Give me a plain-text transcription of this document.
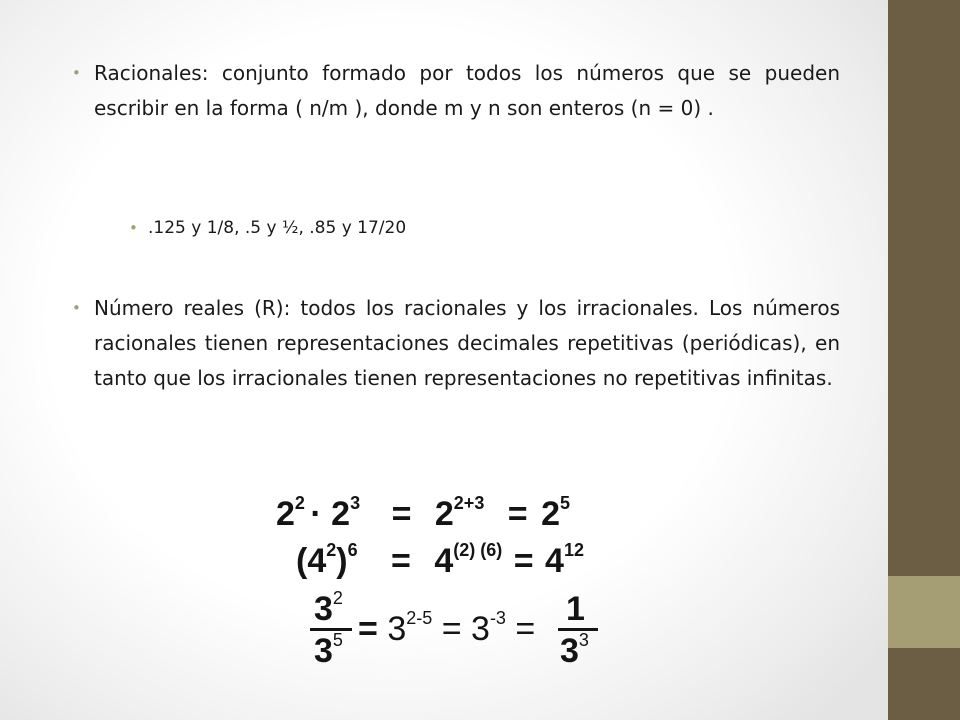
• Racionales: conjunto formado por todos los números que se pueden escribir en la forma ( n/m ), donde m y n son enteros (n = 0) .
• .125 y 1/8, .5 y ½, .85 y 17/20
• Número reales (R): todos los racionales y los irracionales. Los números racionales tienen representaciones decimales repetitivas (periódicas), en tanto que los irracionales tienen representaciones no repetitivas infinitas.
$2^2 \cdot 2^3 = 2^{2+3} = 2^5$
$(4^2)^6 = 4^{(2) (6)} = 4^{12}$
$3^2$
$3^5 = 3^{2-5} = 3^{-3}$ =
1
$3^3$
